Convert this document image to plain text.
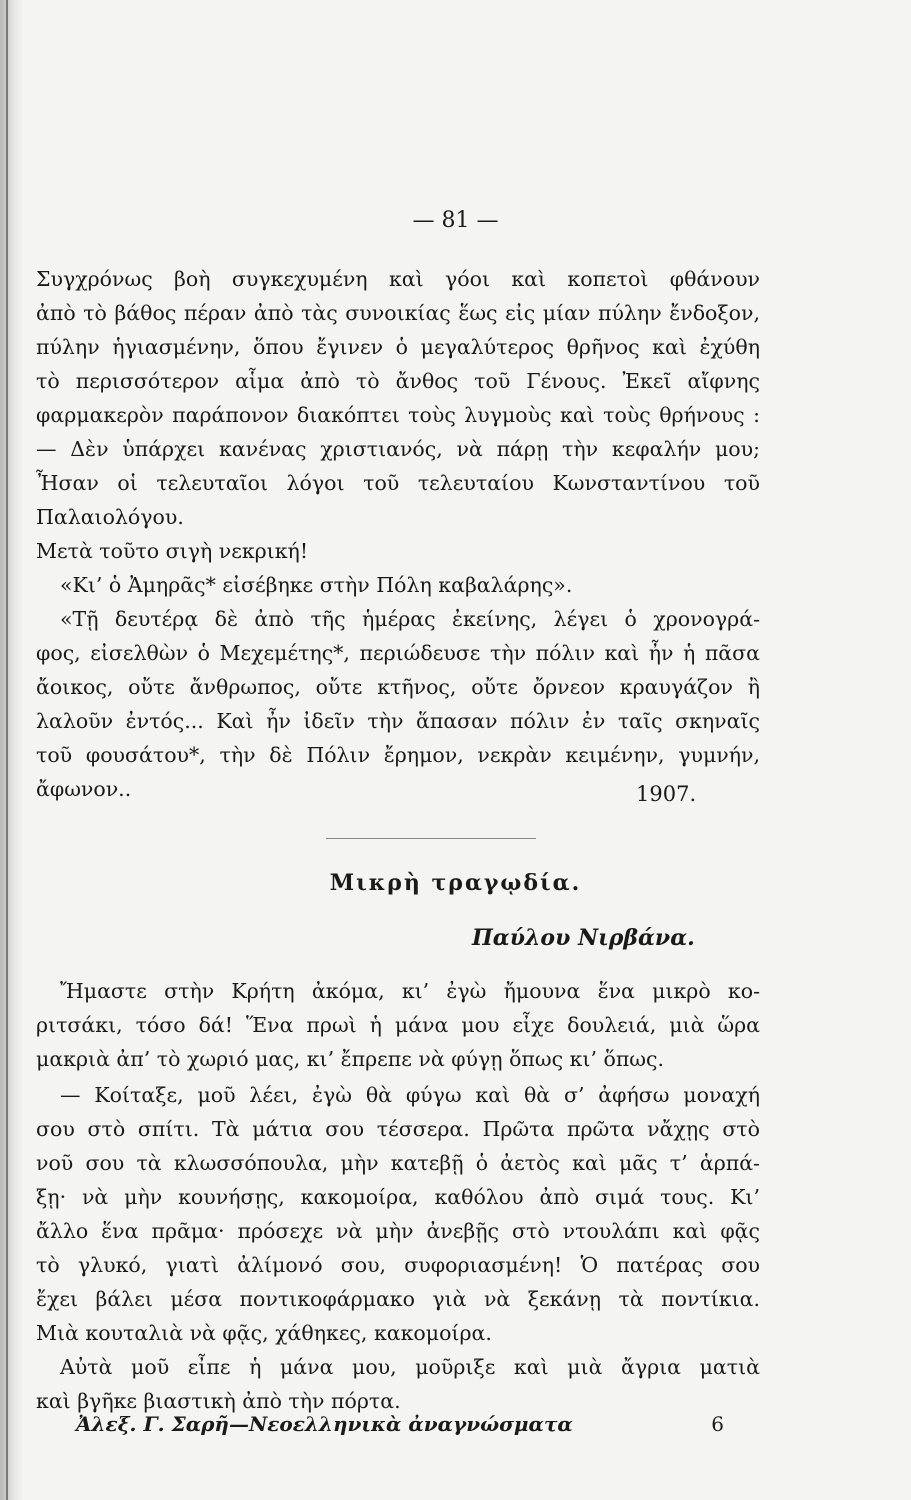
— 81 —
Συγχρόνως βοὴ συγκεχυμένη καὶ γόοι καὶ κοπετοὶ φθάνουν
ἀπὸ τὸ βάθος πέραν ἀπὸ τὰς συνοικίας ἕως εἰς μίαν πύλην ἔνδοξον,
πύλην ἡγιασμένην, ὅπου ἔγινεν ὁ μεγαλύτερος θρῆνος καὶ ἐχύθη
τὸ περισσότερον αἷμα ἀπὸ τὸ ἄνθος τοῦ Γένους. Ἐκεῖ αἴφνης
φαρμακερὸν παράπονον διακόπτει τοὺς λυγμοὺς καὶ τοὺς θρήνους :
— Δὲν ὑπάρχει κανένας χριστιανός, νὰ πάρῃ τὴν κεφαλήν μου;
Ἦσαν οἱ τελευταῖοι λόγοι τοῦ τελευταίου Κωνσταντίνου τοῦ
Παλαιολόγου.
Μετὰ τοῦτο σιγὴ νεκρική!
«Κι’ ὁ Ἀμηρᾶς* εἰσέβηκε στὴν Πόλη καβαλάρης».
«Τῇ δευτέρᾳ δὲ ἀπὸ τῆς ἡμέρας ἐκείνης, λέγει ὁ χρονογρά-
φος, εἰσελθὼν ὁ Μεχεμέτης*, περιώδευσε τὴν πόλιν καὶ ἦν ἡ πᾶσα
ἄοικος, οὔτε ἄνθρωπος, οὔτε κτῆνος, οὔτε ὄρνεον κραυγάζον ἢ
λαλοῦν ἐντός... Καὶ ἦν ἰδεῖν τὴν ἅπασαν πόλιν ἐν ταῖς σκηναῖς
τοῦ φουσάτου*, τὴν δὲ Πόλιν ἔρημον, νεκρὰν κειμένην, γυμνήν,
ἄφωνον..	1907.
Μικρὴ τραγῳδία.
Παύλου Νιρβάνα.
Ἤμαστε στὴν Κρήτη ἀκόμα, κι’ ἐγὼ ἤμουνα ἕνα μικρὸ κο-
ριτσάκι, τόσο δά! Ἕνα πρωὶ ἡ μάνα μου εἶχε δουλειά, μιὰ ὥρα
μακριὰ ἀπ’ τὸ χωριό μας, κι’ ἔπρεπε νὰ φύγῃ ὅπως κι’ ὅπως.
— Κοίταξε, μοῦ λέει, ἐγὼ θὰ φύγω καὶ θὰ σ’ ἀφήσω μοναχή
σου στὸ σπίτι. Τὰ μάτια σου τέσσερα. Πρῶτα πρῶτα νἄχῃς στὸ
νοῦ σου τὰ κλωσσόπουλα, μὴν κατεβῇ ὁ ἀετὸς καὶ μᾶς τ’ ἁρπά-
ξῃ· νὰ μὴν κουνήσῃς, κακομοίρα, καθόλου ἀπὸ σιμά τους. Κι’
ἄλλο ἕνα πρᾶμα· πρόσεχε νὰ μὴν ἀνεβῇς στὸ ντουλάπι καὶ φᾷς
τὸ γλυκό, γιατὶ ἀλίμονό σου, συφοριασμένη! Ὁ πατέρας σου
ἔχει βάλει μέσα ποντικοφάρμακο γιὰ νὰ ξεκάνῃ τὰ ποντίκια.
Μιὰ κουταλιὰ νὰ φᾷς, χάθηκες, κακομοίρα.
Αὐτὰ μοῦ εἶπε ἡ μάνα μου, μοῦριξε καὶ μιὰ ἄγρια ματιὰ
καὶ βγῆκε βιαστικὴ ἀπὸ τὴν πόρτα.
Ἀλεξ. Γ. Σαρῆ—Νεοελληνικὰ ἀναγνώσματα	6
